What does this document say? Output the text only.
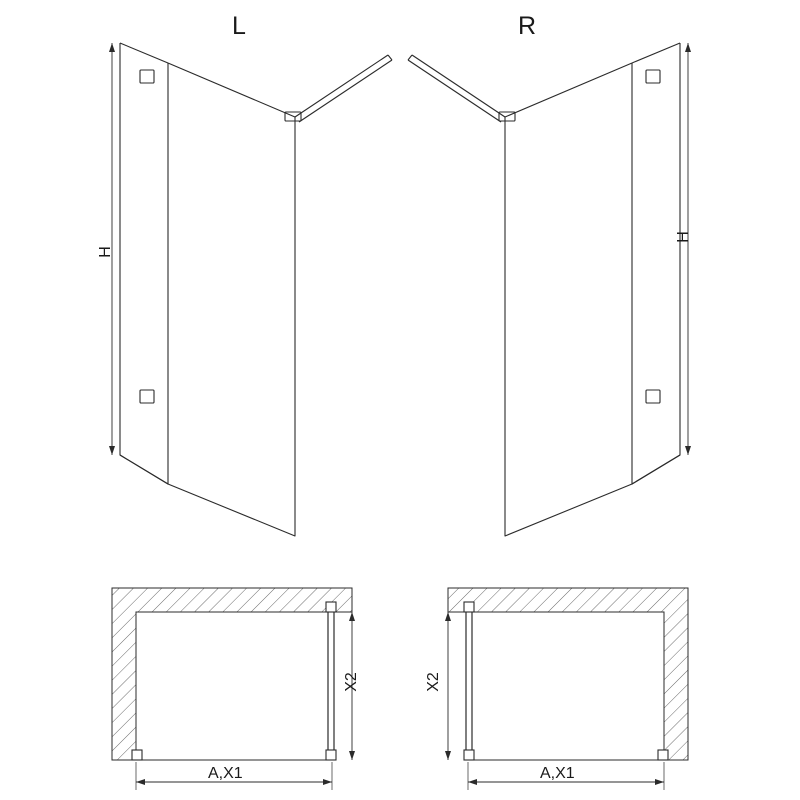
L	R
H
H
X2	X2
A,X1	A,X1
